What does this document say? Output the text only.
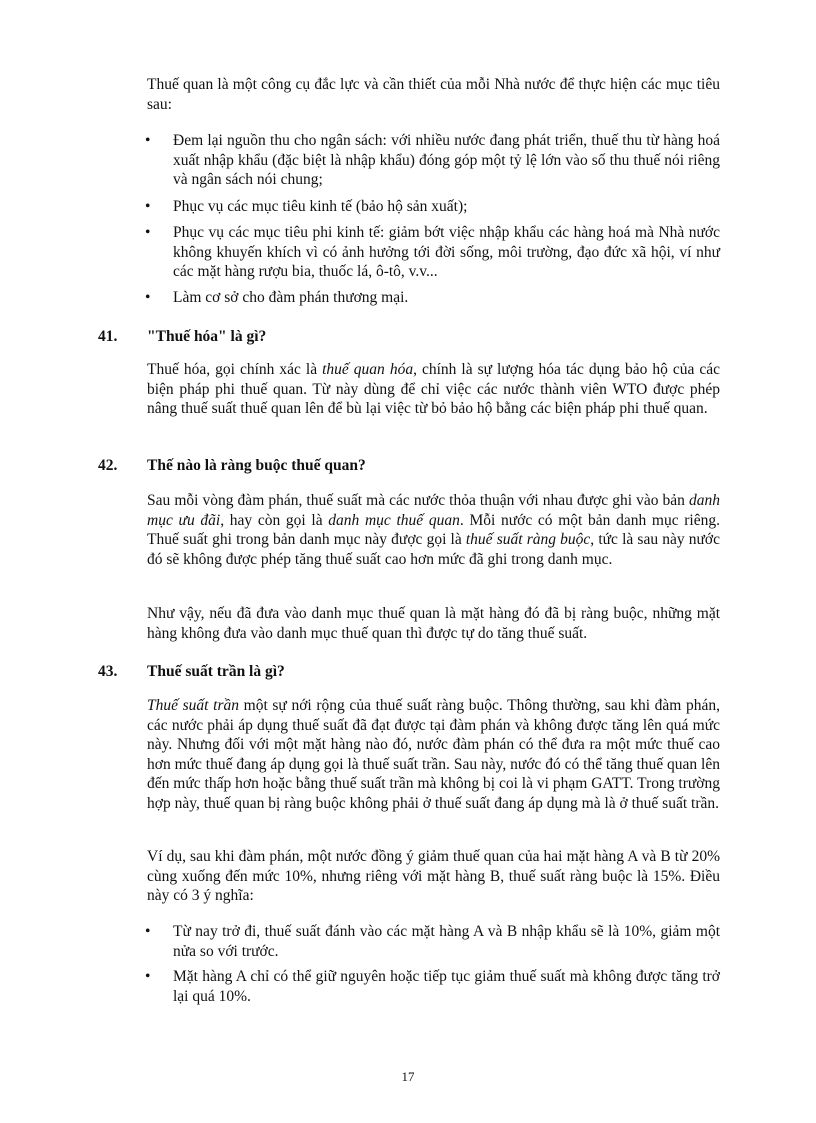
Thuế quan là một công cụ đắc lực và cần thiết của mỗi Nhà nước để thực hiện các mục tiêu sau:

• Đem lại nguồn thu cho ngân sách: với nhiều nước đang phát triển, thuế thu từ hàng hoá xuất nhập khẩu (đặc biệt là nhập khẩu) đóng góp một tỷ lệ lớn vào số thu thuế nói riêng và ngân sách nói chung;

• Phục vụ các mục tiêu kinh tế (bảo hộ sản xuất);

• Phục vụ các mục tiêu phi kinh tế: giảm bớt việc nhập khẩu các hàng hoá mà Nhà nước không khuyến khích vì có ảnh hưởng tới đời sống, môi trường, đạo đức xã hội, ví như các mặt hàng rượu bia, thuốc lá, ô-tô, v.v...

• Làm cơ sở cho đàm phán thương mại.

41. "Thuế hóa" là gì?

Thuế hóa, gọi chính xác là thuế quan hóa, chính là sự lượng hóa tác dụng bảo hộ của các biện pháp phi thuế quan. Từ này dùng để chỉ việc các nước thành viên WTO được phép nâng thuế suất thuế quan lên để bù lại việc từ bỏ bảo hộ bằng các biện pháp phi thuế quan.

42. Thế nào là ràng buộc thuế quan?

Sau mỗi vòng đàm phán, thuế suất mà các nước thỏa thuận với nhau được ghi vào bản danh mục ưu đãi, hay còn gọi là danh mục thuế quan. Mỗi nước có một bản danh mục riêng. Thuế suất ghi trong bản danh mục này được gọi là thuế suất ràng buộc, tức là sau này nước đó sẽ không được phép tăng thuế suất cao hơn mức đã ghi trong danh mục.

Như vậy, nếu đã đưa vào danh mục thuế quan là mặt hàng đó đã bị ràng buộc, những mặt hàng không đưa vào danh mục thuế quan thì được tự do tăng thuế suất.

43. Thuế suất trần là gì?

Thuế suất trần một sự nới rộng của thuế suất ràng buộc. Thông thường, sau khi đàm phán, các nước phải áp dụng thuế suất đã đạt được tại đàm phán và không được tăng lên quá mức này. Nhưng đối với một mặt hàng nào đó, nước đàm phán có thể đưa ra một mức thuế cao hơn mức thuế đang áp dụng gọi là thuế suất trần. Sau này, nước đó có thể tăng thuế quan lên đến mức thấp hơn hoặc bằng thuế suất trần mà không bị coi là vi phạm GATT. Trong trường hợp này, thuế quan bị ràng buộc không phải ở thuế suất đang áp dụng mà là ở thuế suất trần.

Ví dụ, sau khi đàm phán, một nước đồng ý giảm thuế quan của hai mặt hàng A và B từ 20% cùng xuống đến mức 10%, nhưng riêng với mặt hàng B, thuế suất ràng buộc là 15%. Điều này có 3 ý nghĩa:

• Từ nay trở đi, thuế suất đánh vào các mặt hàng A và B nhập khẩu sẽ là 10%, giảm một nửa so với trước.

• Mặt hàng A chỉ có thể giữ nguyên hoặc tiếp tục giảm thuế suất mà không được tăng trở lại quá 10%.

17
